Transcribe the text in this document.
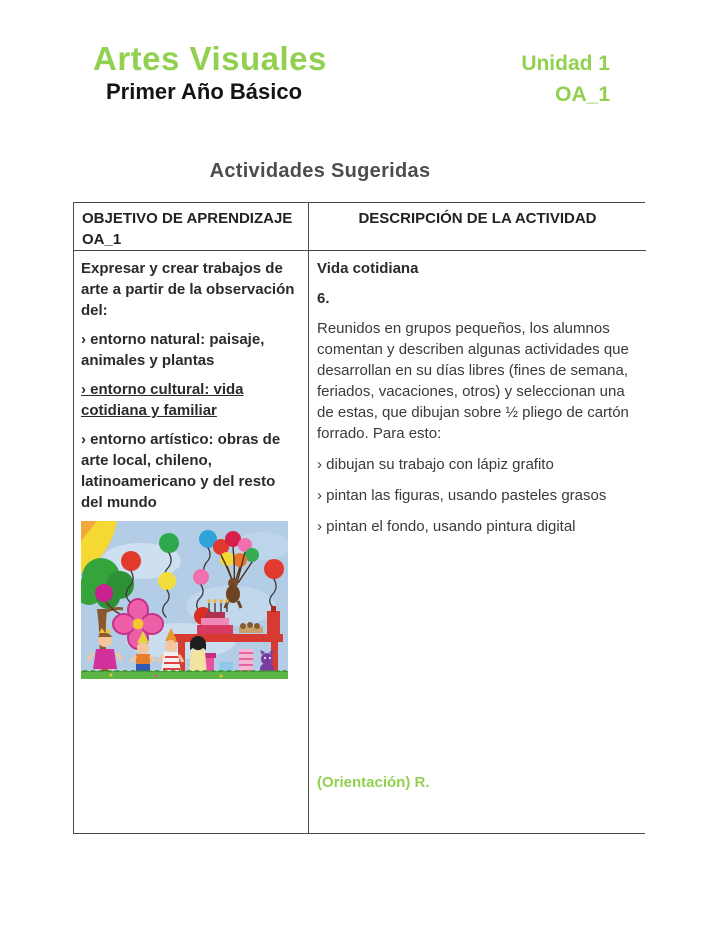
Artes Visuales
Primer Año Básico
Unidad 1
OA_1
Actividades Sugeridas
OBJETIVO DE APRENDIZAJE OA_1
DESCRIPCIÓN DE LA ACTIVIDAD

Expresar y crear trabajos de arte a partir de la observación del:

› entorno natural: paisaje, animales y plantas

› entorno cultural: vida cotidiana y familiar

› entorno artístico: obras de arte local, chileno, latinoamericano y del resto del mundo

Vida cotidiana
6.
Reunidos en grupos pequeños, los alumnos comentan y describen algunas actividades que desarrollan en su días libres (fines de semana, feriados, vacaciones, otros) y seleccionan una de estas, que dibujan sobre ½ pliego de cartón forrado. Para esto:
› dibujan su trabajo con lápiz grafito
› pintan las figuras, usando pasteles grasos
› pintan el fondo, usando pintura digital
(Orientación) R.
